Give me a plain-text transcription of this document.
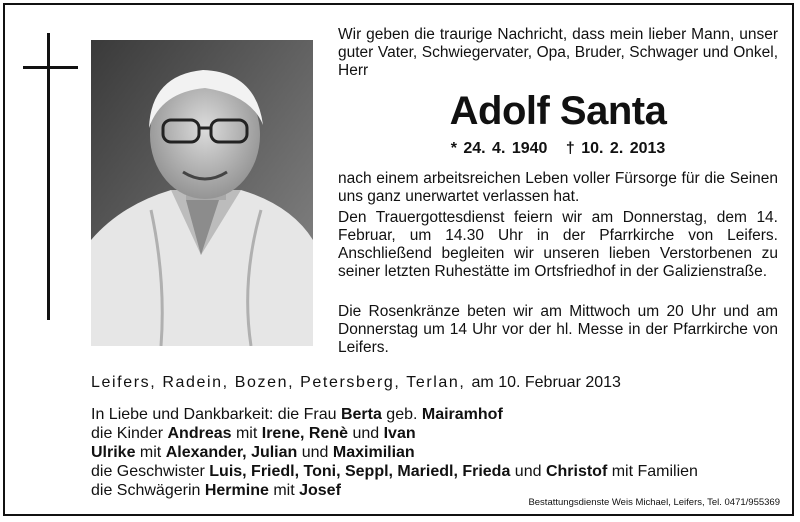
Wir geben die traurige Nachricht, dass mein lieber Mann, unser guter Vater, Schwiegervater, Opa, Bruder, Schwager und Onkel, Herr
Adolf Santa
* 24. 4. 1940 † 10. 2. 2013
nach einem arbeitsreichen Leben voller Fürsorge für die Seinen uns ganz unerwartet verlassen hat.
Den Trauergottesdienst feiern wir am Donnerstag, dem 14. Februar, um 14.30 Uhr in der Pfarrkirche von Leifers. Anschließend begleiten wir unseren lieben Verstorbenen zu seiner letzten Ruhestätte im Ortsfriedhof in der Galizienstraße.
Die Rosenkränze beten wir am Mittwoch um 20 Uhr und am Donnerstag um 14 Uhr vor der hl. Messe in der Pfarrkirche von Leifers.
Leifers, Radein, Bozen, Petersberg, Terlan, am 10. Februar 2013
In Liebe und Dankbarkeit: die Frau Berta geb. Mairamhof
die Kinder Andreas mit Irene, Renè und Ivan
Ulrike mit Alexander, Julian und Maximilian
die Geschwister Luis, Friedl, Toni, Seppl, Mariedl, Frieda und Christof mit Familien
die Schwägerin Hermine mit Josef
Bestattungsdienste Weis Michael, Leifers, Tel. 0471/955369
